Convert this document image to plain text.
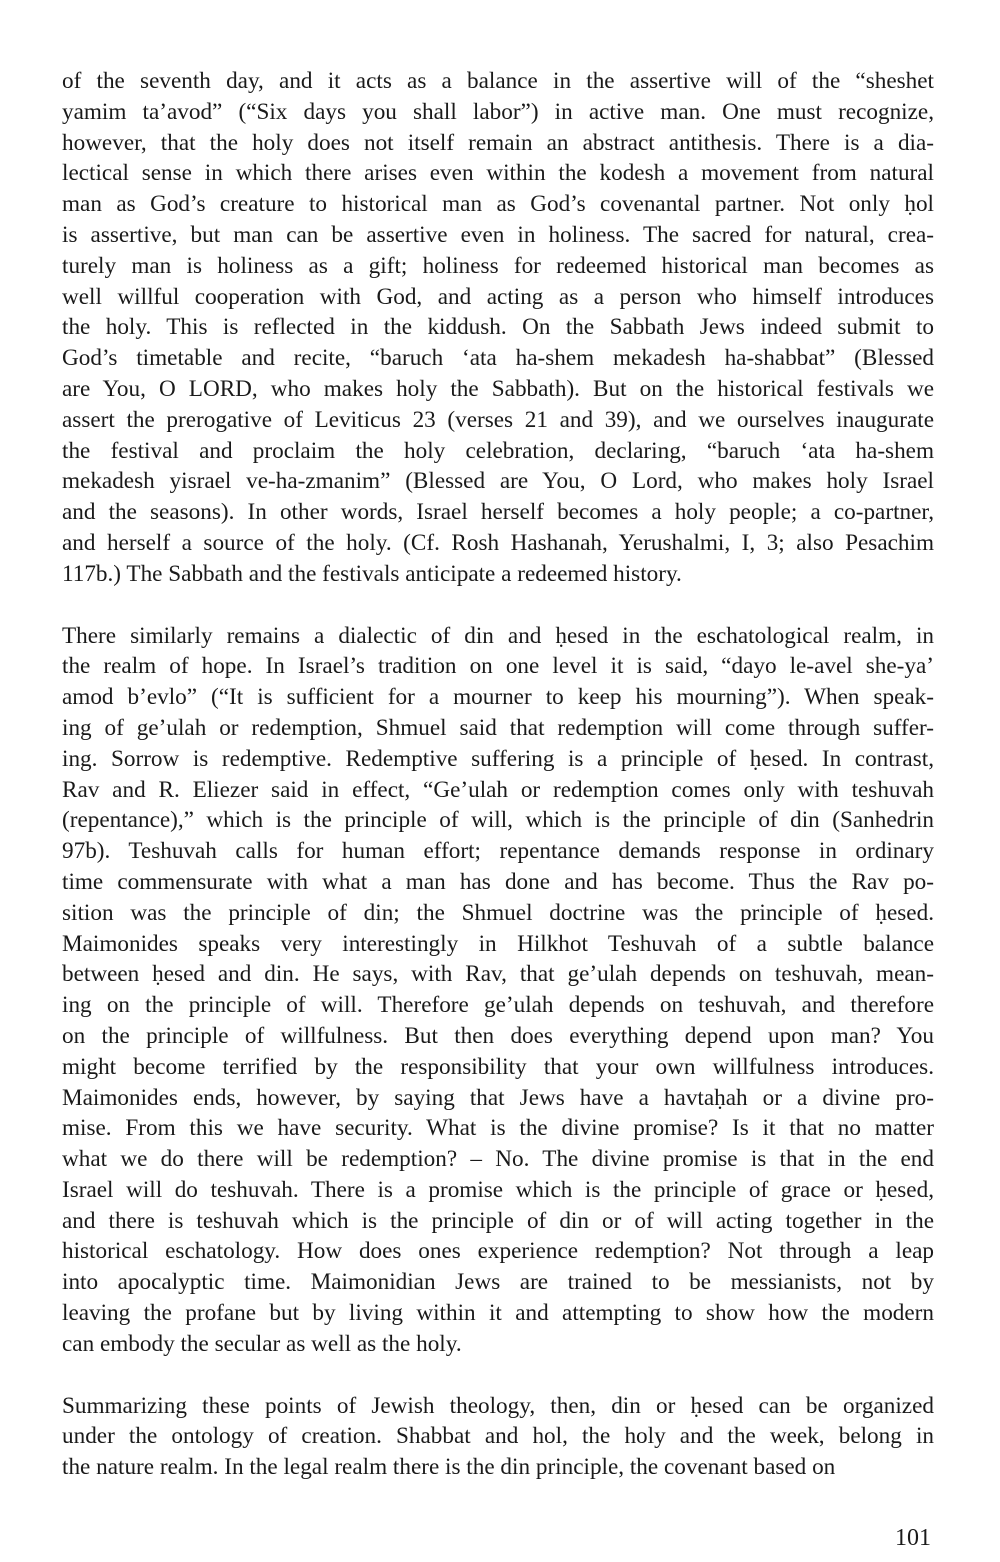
of the seventh day, and it acts as a balance in the assertive will of the “sheshet
yamim ta’avod” (“Six days you shall labor”) in active man. One must recognize,
however, that the holy does not itself remain an abstract antithesis. There is a dia-
lectical sense in which there arises even within the kodesh a movement from natural
man as God’s creature to historical man as God’s covenantal partner. Not only ḥol
is assertive, but man can be assertive even in holiness. The sacred for natural, crea-
turely man is holiness as a gift; holiness for redeemed historical man becomes as
well willful cooperation with God, and acting as a person who himself introduces
the holy. This is reflected in the kiddush. On the Sabbath Jews indeed submit to
God’s timetable and recite, “baruch ‘ata ha-shem mekadesh ha-shabbat” (Blessed
are You, O LORD, who makes holy the Sabbath). But on the historical festivals we
assert the prerogative of Leviticus 23 (verses 21 and 39), and we ourselves inaugurate
the festival and proclaim the holy celebration, declaring, “baruch ‘ata ha-shem
mekadesh yisrael ve-ha-zmanim” (Blessed are You, O Lord, who makes holy Israel
and the seasons). In other words, Israel herself becomes a holy people; a co-partner,
and herself a source of the holy. (Cf. Rosh Hashanah, Yerushalmi, I, 3; also Pesachim
117b.) The Sabbath and the festivals anticipate a redeemed history.
There similarly remains a dialectic of din and ḥesed in the eschatological realm, in
the realm of hope. In Israel’s tradition on one level it is said, “dayo le-avel she-ya’
amod b’evlo” (“It is sufficient for a mourner to keep his mourning”). When speak-
ing of ge’ulah or redemption, Shmuel said that redemption will come through suffer-
ing. Sorrow is redemptive. Redemptive suffering is a principle of ḥesed. In contrast,
Rav and R. Eliezer said in effect, “Ge’ulah or redemption comes only with teshuvah
(repentance),” which is the principle of will, which is the principle of din (Sanhedrin
97b). Teshuvah calls for human effort; repentance demands response in ordinary
time commensurate with what a man has done and has become. Thus the Rav po-
sition was the principle of din; the Shmuel doctrine was the principle of ḥesed.
Maimonides speaks very interestingly in Hilkhot Teshuvah of a subtle balance
between ḥesed and din. He says, with Rav, that ge’ulah depends on teshuvah, mean-
ing on the principle of will. Therefore ge’ulah depends on teshuvah, and therefore
on the principle of willfulness. But then does everything depend upon man? You
might become terrified by the responsibility that your own willfulness introduces.
Maimonides ends, however, by saying that Jews have a havtaḥah or a divine pro-
mise. From this we have security. What is the divine promise? Is it that no matter
what we do there will be redemption? – No. The divine promise is that in the end
Israel will do teshuvah. There is a promise which is the principle of grace or ḥesed,
and there is teshuvah which is the principle of din or of will acting together in the
historical eschatology. How does ones experience redemption? Not through a leap
into apocalyptic time. Maimonidian Jews are trained to be messianists, not by
leaving the profane but by living within it and attempting to show how the modern
can embody the secular as well as the holy.
Summarizing these points of Jewish theology, then, din or ḥesed can be organized
under the ontology of creation. Shabbat and hol, the holy and the week, belong in
the nature realm. In the legal realm there is the din principle, the covenant based on
101
